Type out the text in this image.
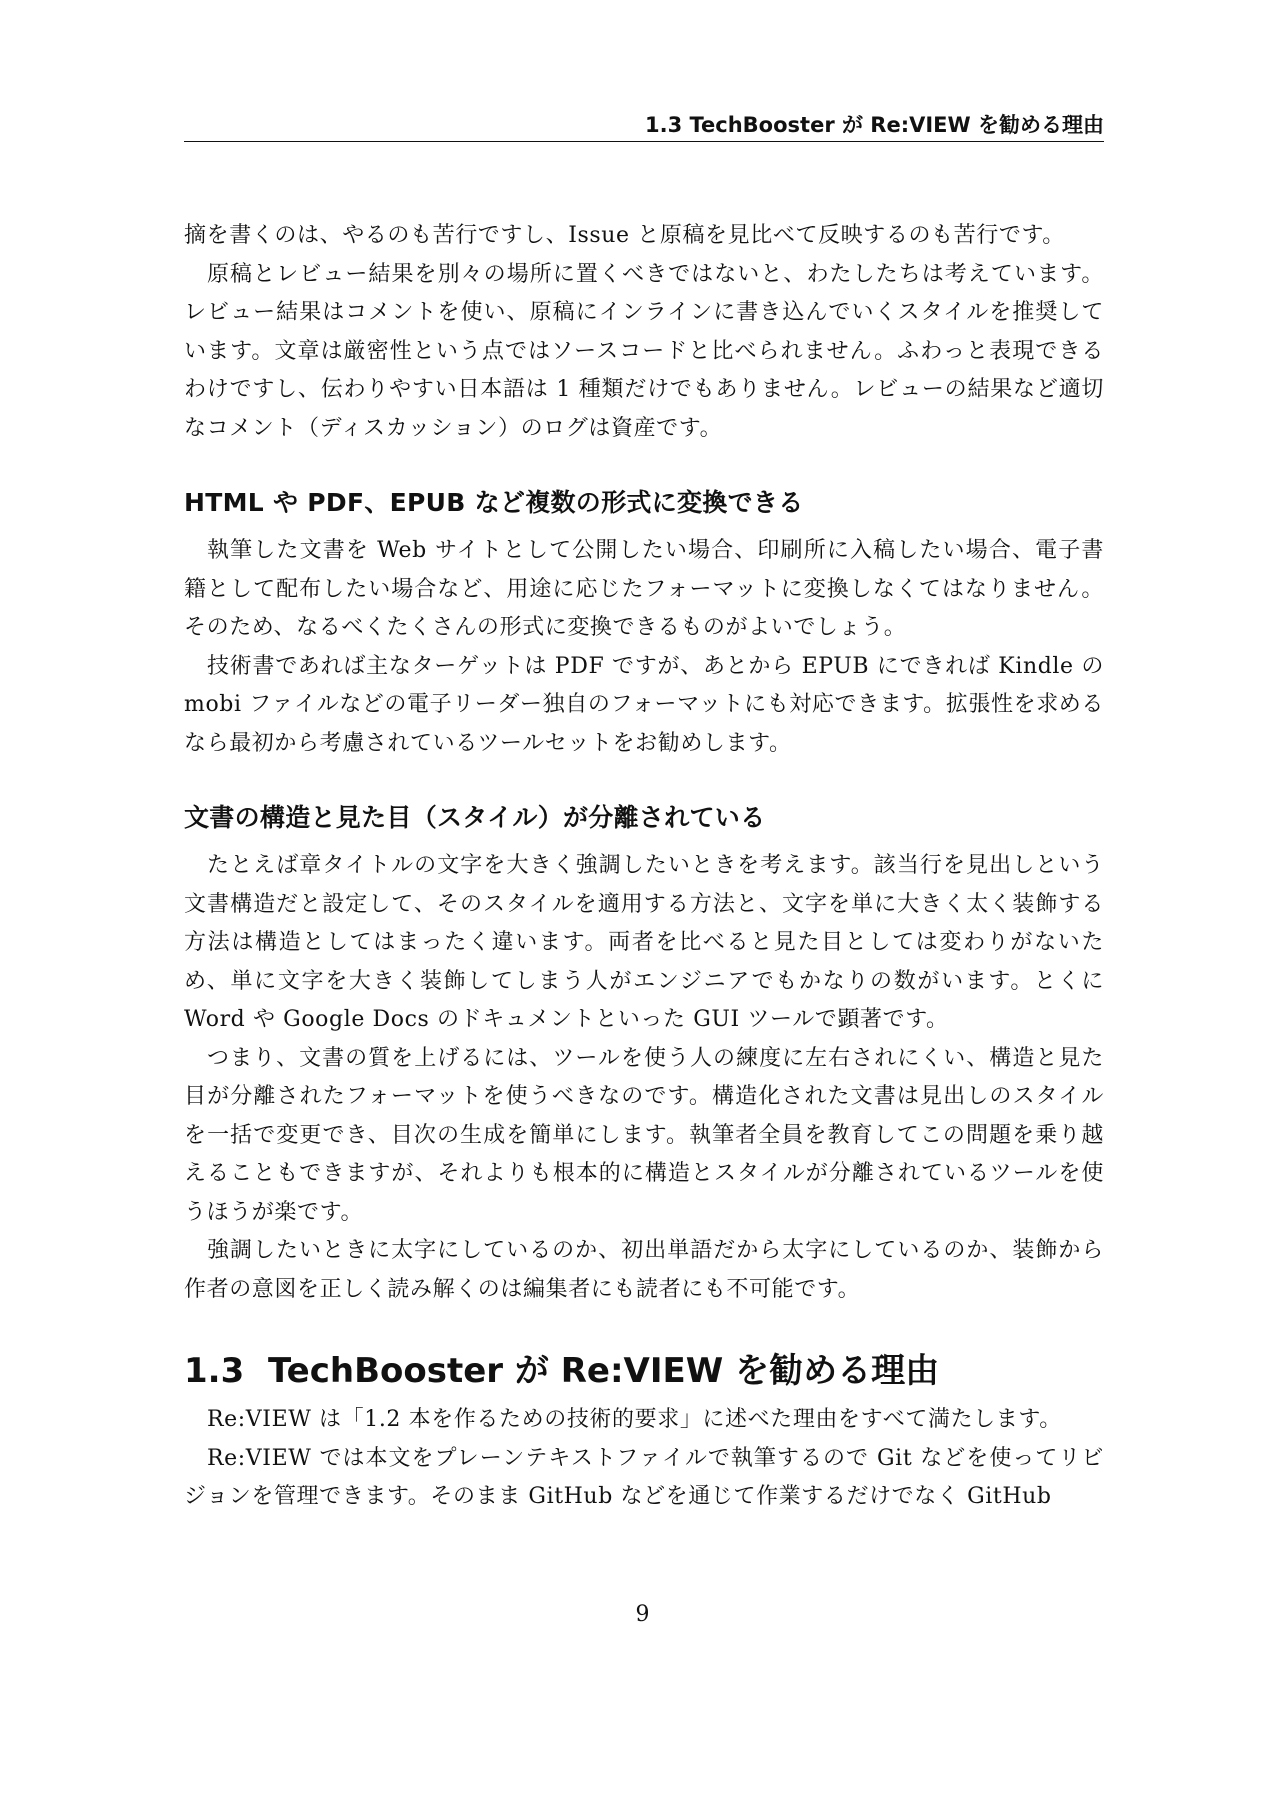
1.3 TechBooster が Re:VIEW を勧める理由

摘を書くのは、やるのも苦行ですし、Issue と原稿を見比べて反映するのも苦行です。

原稿とレビュー結果を別々の場所に置くべきではないと、わたしたちは考えています。レビュー結果はコメントを使い、原稿にインラインに書き込んでいくスタイルを推奨しています。文章は厳密性という点ではソースコードと比べられません。ふわっと表現できるわけですし、伝わりやすい日本語は 1 種類だけでもありません。レビューの結果など適切なコメント（ディスカッション）のログは資産です。

HTML や PDF、EPUB など複数の形式に変換できる

執筆した文書を Web サイトとして公開したい場合、印刷所に入稿したい場合、電子書籍として配布したい場合など、用途に応じたフォーマットに変換しなくてはなりません。そのため、なるべくたくさんの形式に変換できるものがよいでしょう。

技術書であれば主なターゲットは PDF ですが、あとから EPUB にできれば Kindle の mobi ファイルなどの電子リーダー独自のフォーマットにも対応できます。拡張性を求めるなら最初から考慮されているツールセットをお勧めします。

文書の構造と見た目（スタイル）が分離されている

たとえば章タイトルの文字を大きく強調したいときを考えます。該当行を見出しという文書構造だと設定して、そのスタイルを適用する方法と、文字を単に大きく太く装飾する方法は構造としてはまったく違います。両者を比べると見た目としては変わりがないため、単に文字を大きく装飾してしまう人がエンジニアでもかなりの数がいます。とくに Word や Google Docs のドキュメントといった GUI ツールで顕著です。

つまり、文書の質を上げるには、ツールを使う人の練度に左右されにくい、構造と見た目が分離されたフォーマットを使うべきなのです。構造化された文書は見出しのスタイルを一括で変更でき、目次の生成を簡単にします。執筆者全員を教育してこの問題を乗り越えることもできますが、それよりも根本的に構造とスタイルが分離されているツールを使うほうが楽です。

強調したいときに太字にしているのか、初出単語だから太字にしているのか、装飾から作者の意図を正しく読み解くのは編集者にも読者にも不可能です。

1.3 TechBooster が Re:VIEW を勧める理由

Re:VIEW は「1.2 本を作るための技術的要求」に述べた理由をすべて満たします。

Re:VIEW では本文をプレーンテキストファイルで執筆するので Git などを使ってリビジョンを管理できます。そのまま GitHub などを通じて作業するだけでなく GitHub

9
